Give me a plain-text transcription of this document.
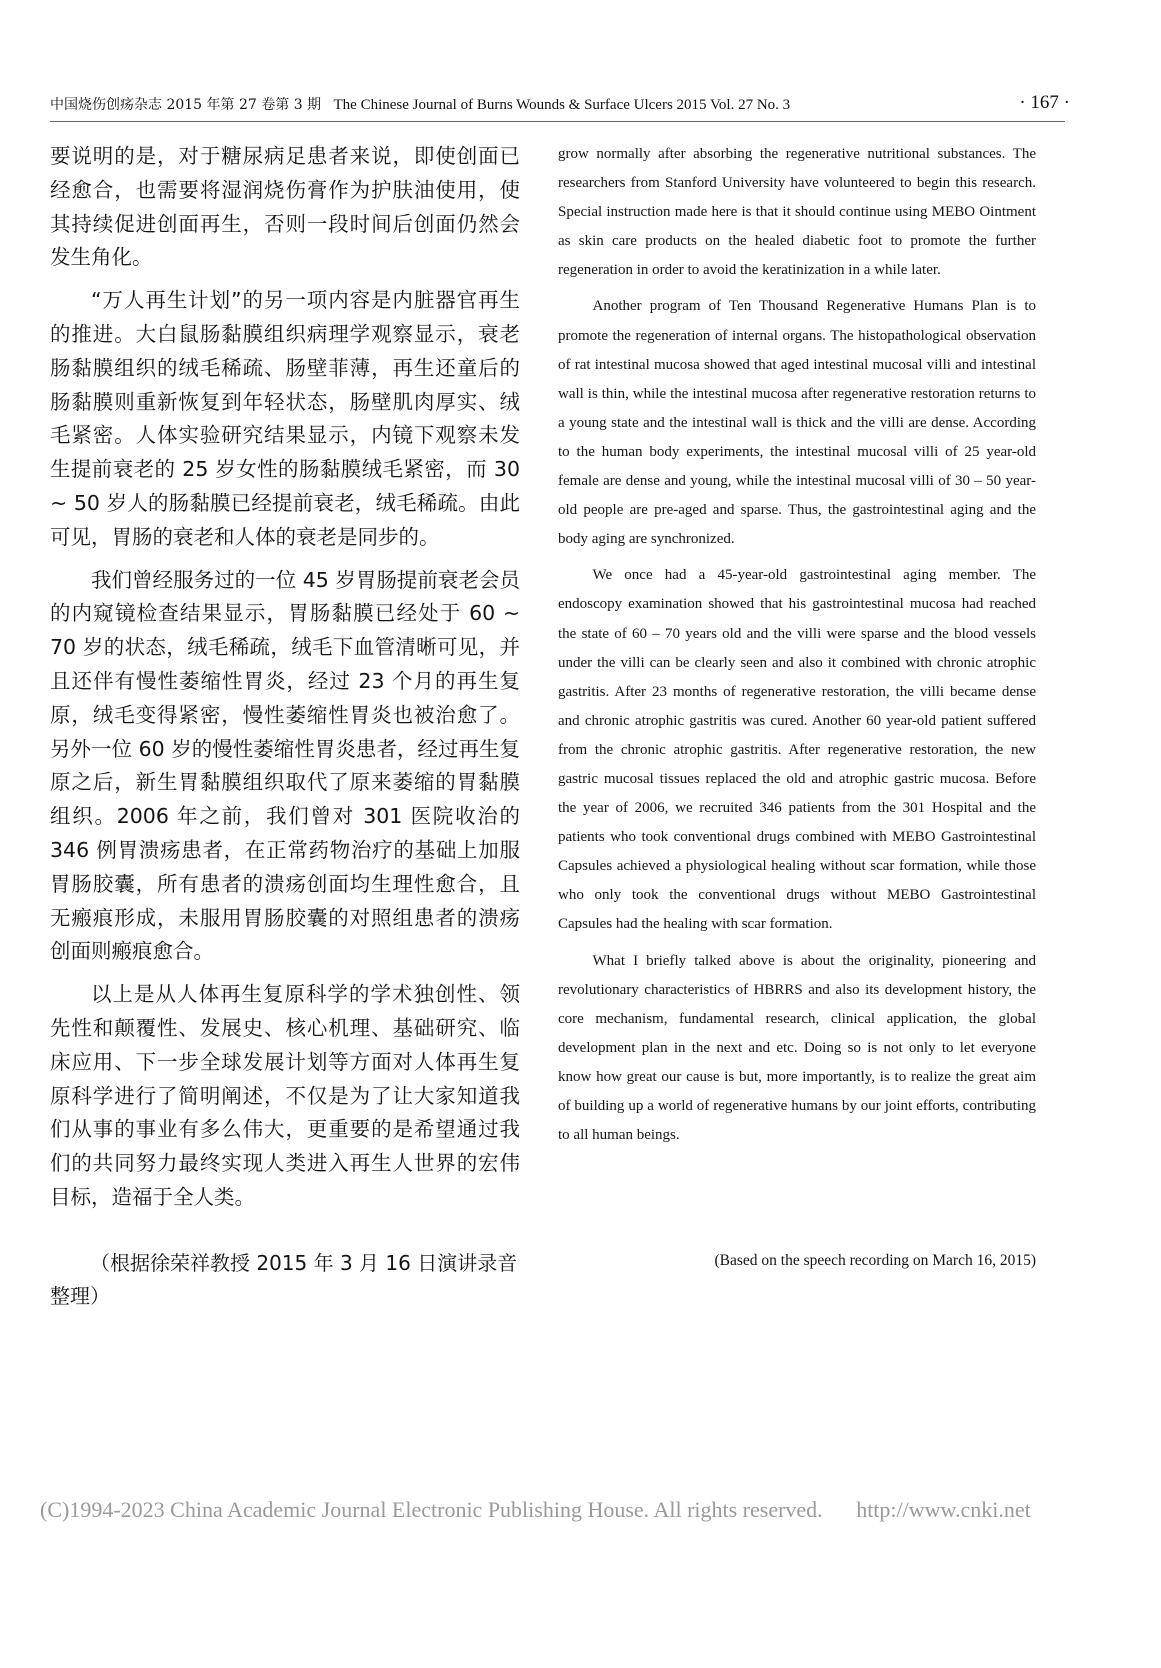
中国烧伤创疡杂志 2015 年第 27 卷第 3 期 The Chinese Journal of Burns Wounds & Surface Ulcers 2015 Vol. 27 No. 3	· 167 ·

要说明的是，对于糖尿病足患者来说，即使创面已经愈合，也需要将湿润烧伤膏作为护肤油使用，使其持续促进创面再生，否则一段时间后创面仍然会发生角化。

“万人再生计划”的另一项内容是内脏器官再生的推进。大白鼠肠黏膜组织病理学观察显示，衰老肠黏膜组织的绒毛稀疏、肠壁菲薄，再生还童后的肠黏膜则重新恢复到年轻状态，肠壁肌肉厚实、绒毛紧密。人体实验研究结果显示，内镜下观察未发生提前衰老的 25 岁女性的肠黏膜绒毛紧密，而 30 ~ 50 岁人的肠黏膜已经提前衰老，绒毛稀疏。由此可见，胃肠的衰老和人体的衰老是同步的。

我们曾经服务过的一位 45 岁胃肠提前衰老会员的内窥镜检查结果显示，胃肠黏膜已经处于 60 ~ 70 岁的状态，绒毛稀疏，绒毛下血管清晰可见，并且还伴有慢性萎缩性胃炎，经过 23 个月的再生复原，绒毛变得紧密，慢性萎缩性胃炎也被治愈了。另外一位 60 岁的慢性萎缩性胃炎患者，经过再生复原之后，新生胃黏膜组织取代了原来萎缩的胃黏膜组织。2006 年之前，我们曾对 301 医院收治的 346 例胃溃疡患者，在正常药物治疗的基础上加服胃肠胶囊，所有患者的溃疡创面均生理性愈合，且无瘢痕形成，未服用胃肠胶囊的对照组患者的溃疡创面则瘢痕愈合。

以上是从人体再生复原科学的学术独创性、领先性和颠覆性、发展史、核心机理、基础研究、临床应用、下一步全球发展计划等方面对人体再生复原科学进行了简明阐述，不仅是为了让大家知道我们从事的事业有多么伟大，更重要的是希望通过我们的共同努力最终实现人类进入再生人世界的宏伟目标，造福于全人类。

grow normally after absorbing the regenerative nutritional substances. The researchers from Stanford University have volunteered to begin this research. Special instruction made here is that it should continue using MEBO Ointment as skin care products on the healed diabetic foot to promote the further regeneration in order to avoid the keratinization in a while later.

Another program of Ten Thousand Regenerative Humans Plan is to promote the regeneration of internal organs. The histopathological observation of rat intestinal mucosa showed that aged intestinal mucosal villi and intestinal wall is thin, while the intestinal mucosa after regenerative restoration returns to a young state and the intestinal wall is thick and the villi are dense. According to the human body experiments, the intestinal mucosal villi of 25 year-old female are dense and young, while the intestinal mucosal villi of 30 – 50 year-old people are pre-aged and sparse. Thus, the gastrointestinal aging and the body aging are synchronized.

We once had a 45-year-old gastrointestinal aging member. The endoscopy examination showed that his gastrointestinal mucosa had reached the state of 60 – 70 years old and the villi were sparse and the blood vessels under the villi can be clearly seen and also it combined with chronic atrophic gastritis. After 23 months of regenerative restoration, the villi became dense and chronic atrophic gastritis was cured. Another 60 year-old patient suffered from the chronic atrophic gastritis. After regenerative restoration, the new gastric mucosal tissues replaced the old and atrophic gastric mucosa. Before the year of 2006, we recruited 346 patients from the 301 Hospital and the patients who took conventional drugs combined with MEBO Gastrointestinal Capsules achieved a physiological healing without scar formation, while those who only took the conventional drugs without MEBO Gastrointestinal Capsules had the healing with scar formation.

What I briefly talked above is about the originality, pioneering and revolutionary characteristics of HBRRS and also its development history, the core mechanism, fundamental research, clinical application, the global development plan in the next and etc. Doing so is not only to let everyone know how great our cause is but, more importantly, is to realize the great aim of building up a world of regenerative humans by our joint efforts, contributing to all human beings.

（根据徐荣祥教授 2015 年 3 月 16 日演讲录音整理）
(Based on the speech recording on March 16, 2015)
(C)1994-2023 China Academic Journal Electronic Publishing House. All rights reserved. http://www.cnki.net
